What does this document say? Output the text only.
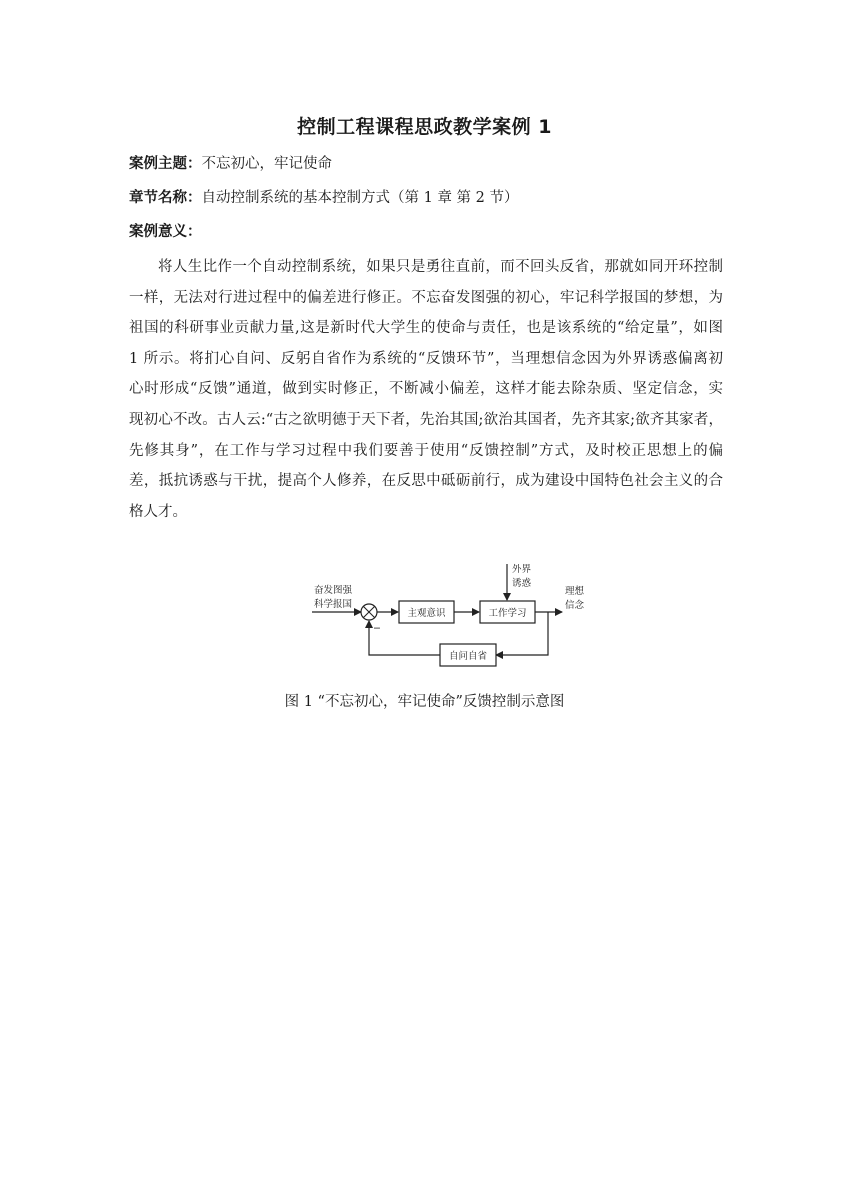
控制工程课程思政教学案例 1
案例主题：不忘初心，牢记使命
章节名称：自动控制系统的基本控制方式（第 1 章 第 2 节）
案例意义：
将人生比作一个自动控制系统，如果只是勇往直前，而不回头反省，那就如同开环控制
一样，无法对行进过程中的偏差进行修正。不忘奋发图强的初心，牢记科学报国的梦想，为
祖国的科研事业贡献力量,这是新时代大学生的使命与责任，也是该系统的“给定量”，如图
1 所示。将扪心自问、反躬自省作为系统的“反馈环节”，当理想信念因为外界诱惑偏离初
心时形成“反馈”通道，做到实时修正，不断减小偏差，这样才能去除杂质、坚定信念，实
现初心不改。古人云:“古之欲明德于天下者，先治其国;欲治其国者，先齐其家;欲齐其家者，
先修其身”，在工作与学习过程中我们要善于使用“反馈控制”方式，及时校正思想上的偏
差，抵抗诱惑与干扰，提高个人修养，在反思中砥砺前行，成为建设中国特色社会主义的合
格人才。
奋发图强
科学报国
−
主观意识
外界
诱惑
工作学习
理想
信念
自问自省
图 1 “不忘初心，牢记使命”反馈控制示意图
